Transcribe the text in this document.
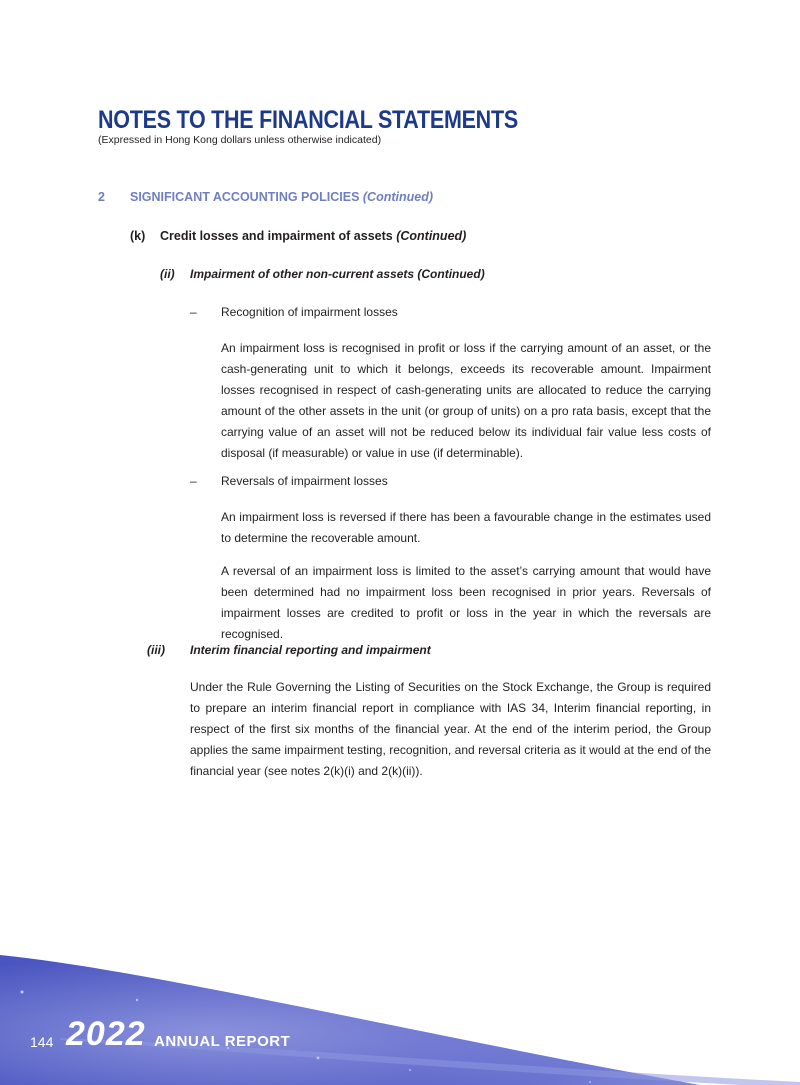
NOTES TO THE FINANCIAL STATEMENTS
(Expressed in Hong Kong dollars unless otherwise indicated)
2 SIGNIFICANT ACCOUNTING POLICIES (Continued)
(k) Credit losses and impairment of assets (Continued)
(ii) Impairment of other non-current assets (Continued)
– Recognition of impairment losses
An impairment loss is recognised in profit or loss if the carrying amount of an asset, or the cash-generating unit to which it belongs, exceeds its recoverable amount. Impairment losses recognised in respect of cash-generating units are allocated to reduce the carrying amount of the other assets in the unit (or group of units) on a pro rata basis, except that the carrying value of an asset will not be reduced below its individual fair value less costs of disposal (if measurable) or value in use (if determinable).
– Reversals of impairment losses
An impairment loss is reversed if there has been a favourable change in the estimates used to determine the recoverable amount.
A reversal of an impairment loss is limited to the asset’s carrying amount that would have been determined had no impairment loss been recognised in prior years. Reversals of impairment losses are credited to profit or loss in the year in which the reversals are recognised.
(iii) Interim financial reporting and impairment
Under the Rule Governing the Listing of Securities on the Stock Exchange, the Group is required to prepare an interim financial report in compliance with IAS 34, Interim financial reporting, in respect of the first six months of the financial year. At the end of the interim period, the Group applies the same impairment testing, recognition, and reversal criteria as it would at the end of the financial year (see notes 2(k)(i) and 2(k)(ii)).
144 2022 ANNUAL REPORT
